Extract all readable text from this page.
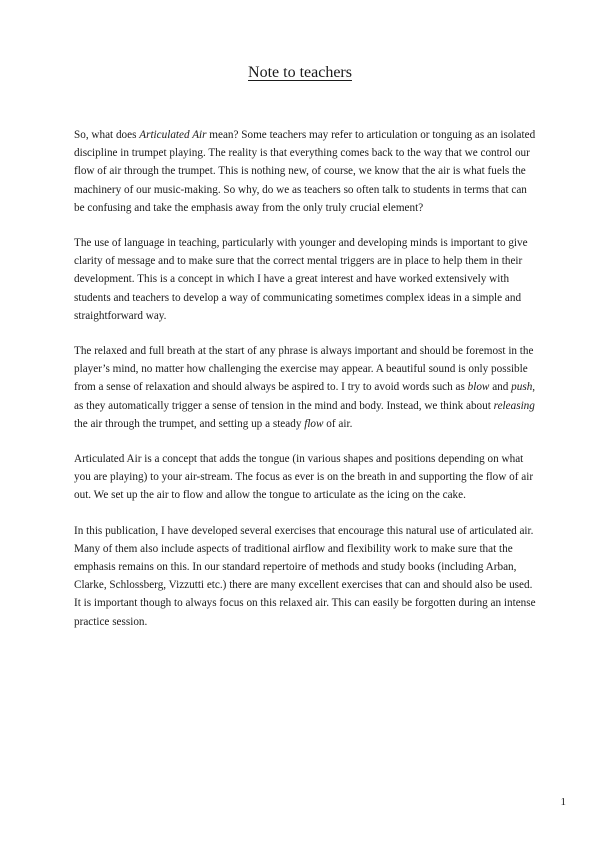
Note to teachers

So, what does Articulated Air mean? Some teachers may refer to articulation or tonguing as an isolated discipline in trumpet playing. The reality is that everything comes back to the way that we control our flow of air through the trumpet. This is nothing new, of course, we know that the air is what fuels the machinery of our music-making. So why, do we as teachers so often talk to students in terms that can be confusing and take the emphasis away from the only truly crucial element?

The use of language in teaching, particularly with younger and developing minds is important to give clarity of message and to make sure that the correct mental triggers are in place to help them in their development. This is a concept in which I have a great interest and have worked extensively with students and teachers to develop a way of communicating sometimes complex ideas in a simple and straightforward way.

The relaxed and full breath at the start of any phrase is always important and should be foremost in the player’s mind, no matter how challenging the exercise may appear. A beautiful sound is only possible from a sense of relaxation and should always be aspired to. I try to avoid words such as blow and push, as they automatically trigger a sense of tension in the mind and body. Instead, we think about releasing the air through the trumpet, and setting up a steady flow of air.

Articulated Air is a concept that adds the tongue (in various shapes and positions depending on what you are playing) to your air-stream. The focus as ever is on the breath in and supporting the flow of air out. We set up the air to flow and allow the tongue to articulate as the icing on the cake.

In this publication, I have developed several exercises that encourage this natural use of articulated air. Many of them also include aspects of traditional airflow and flexibility work to make sure that the emphasis remains on this. In our standard repertoire of methods and study books (including Arban, Clarke, Schlossberg, Vizzutti etc.) there are many excellent exercises that can and should also be used. It is important though to always focus on this relaxed air. This can easily be forgotten during an intense practice session.

1
